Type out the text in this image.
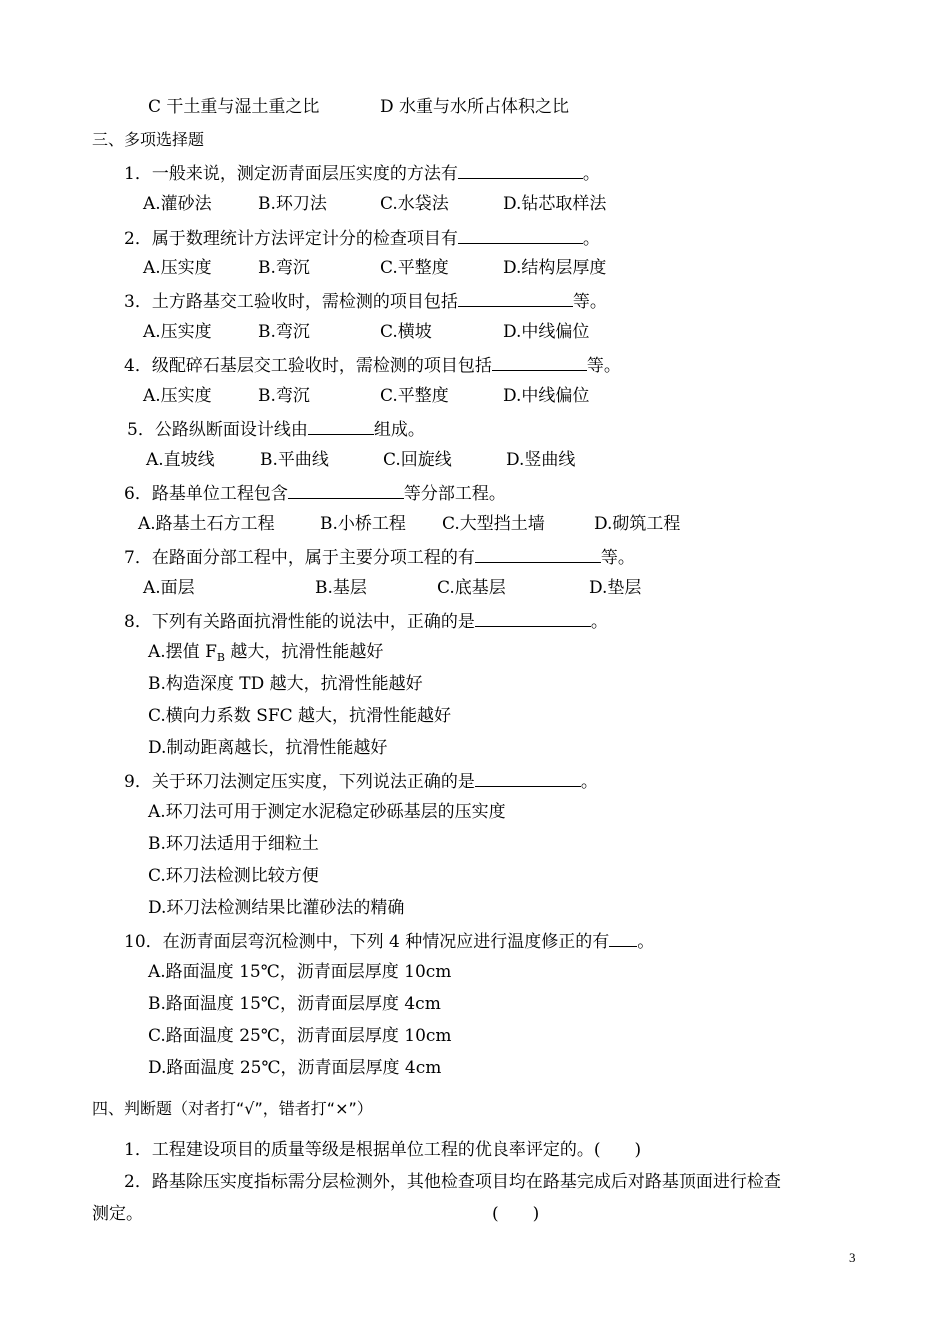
C 干土重与湿土重之比	D 水重与水所占体积之比
三、多项选择题
1．一般来说，测定沥青面层压实度的方法有	。
A.灌砂法	B.环刀法	C.水袋法	D.钻芯取样法
2．属于数理统计方法评定计分的检查项目有	。
A.压实度	B.弯沉	C.平整度	D.结构层厚度
3．土方路基交工验收时，需检测的项目包括	等。
A.压实度	B.弯沉	C.横坡	D.中线偏位
4．级配碎石基层交工验收时，需检测的项目包括	等。
A.压实度	B.弯沉	C.平整度	D.中线偏位
5．公路纵断面设计线由	组成。
A.直坡线	B.平曲线	C.回旋线	D.竖曲线
6．路基单位工程包含	等分部工程。
A.路基土石方工程	B.小桥工程 C.大型挡土墙	D.砌筑工程
7．在路面分部工程中，属于主要分项工程的有	等。
A.面层	B.基层	C.底基层	D.垫层
8．下列有关路面抗滑性能的说法中，正确的是	。
A.摆值 $F_B$ 越大，抗滑性能越好
B.构造深度 TD 越大，抗滑性能越好
C.横向力系数 SFC 越大，抗滑性能越好
D.制动距离越长，抗滑性能越好
9．关于环刀法测定压实度，下列说法正确的是	。
A.环刀法可用于测定水泥稳定砂砾基层的压实度
B.环刀法适用于细粒土
C.环刀法检测比较方便
D.环刀法检测结果比灌砂法的精确
10．在沥青面层弯沉检测中，下列 4 种情况应进行温度修正的有 。
A.路面温度 15℃，沥青面层厚度 10cm
B.路面温度 15℃，沥青面层厚度 4cm
C.路面温度 25℃，沥青面层厚度 10cm
D.路面温度 25℃，沥青面层厚度 4cm
四、判断题（对者打“√”，错者打“×”）
1．工程建设项目的质量等级是根据单位工程的优良率评定的。(　　)
2．路基除压实度指标需分层检测外，其他检查项目均在路基完成后对路基顶面进行检查
测定。	(　　)
3
